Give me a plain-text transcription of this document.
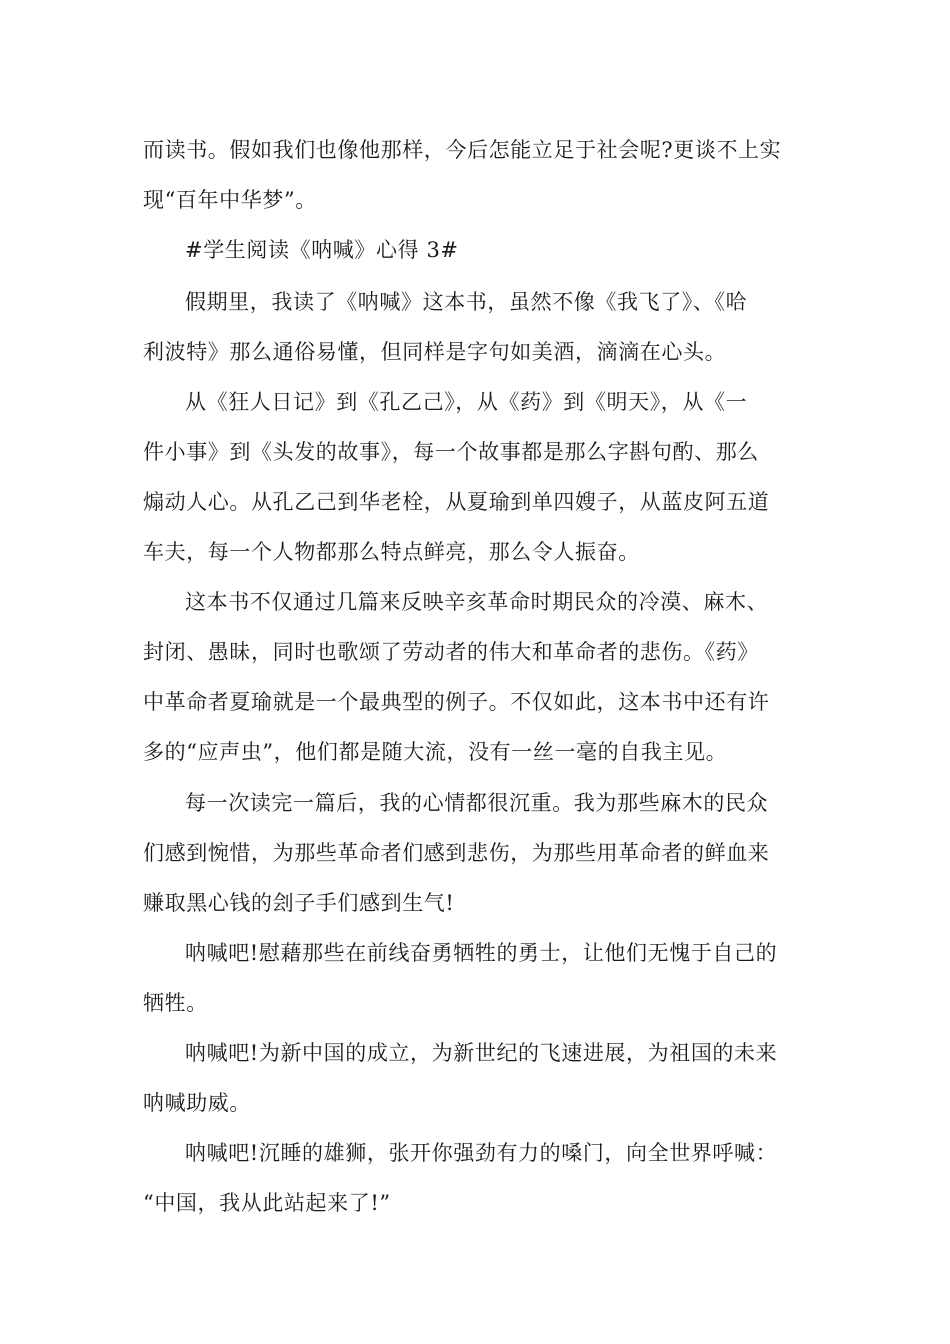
而读书。假如我们也像他那样，今后怎能立足于社会呢?更谈不上实
现“百年中华梦”。
#学生阅读《呐喊》心得 3#
假期里，我读了《呐喊》这本书，虽然不像《我飞了》、《哈
利波特》那么通俗易懂，但同样是字句如美酒，滴滴在心头。
从《狂人日记》到《孔乙己》，从《药》到《明天》，从《一
件小事》到《头发的故事》，每一个故事都是那么字斟句酌、那么
煽动人心。从孔乙己到华老栓，从夏瑜到单四嫂子，从蓝皮阿五道
车夫，每一个人物都那么特点鲜亮，那么令人振奋。
这本书不仅通过几篇来反映辛亥革命时期民众的冷漠、麻木、
封闭、愚昧，同时也歌颂了劳动者的伟大和革命者的悲伤。《药》
中革命者夏瑜就是一个最典型的例子。不仅如此，这本书中还有许
多的“应声虫”，他们都是随大流，没有一丝一毫的自我主见。
每一次读完一篇后，我的心情都很沉重。我为那些麻木的民众
们感到惋惜，为那些革命者们感到悲伤，为那些用革命者的鲜血来
赚取黑心钱的刽子手们感到生气!
呐喊吧!慰藉那些在前线奋勇牺牲的勇士，让他们无愧于自己的
牺牲。
呐喊吧!为新中国的成立，为新世纪的飞速进展，为祖国的未来
呐喊助威。
呐喊吧!沉睡的雄狮，张开你强劲有力的嗓门，向全世界呼喊：
“中国，我从此站起来了!”
